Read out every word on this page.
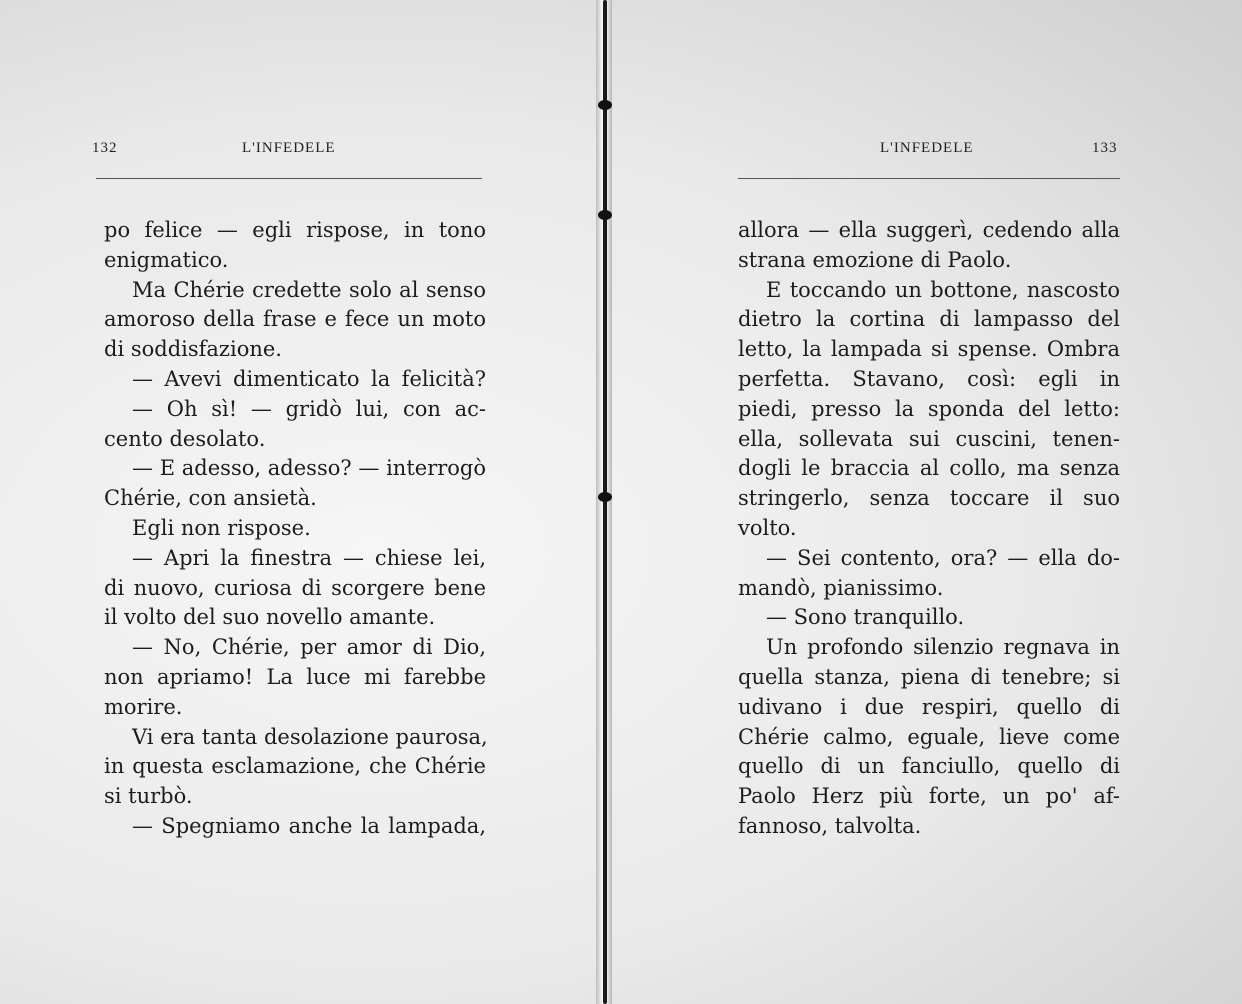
132	L'INFEDELE
po felice — egli rispose, in tono
enigmatico.
Ma Chérie credette solo al senso
amoroso della frase e fece un moto
di soddisfazione.
— Avevi dimenticato la felicità?
— Oh sì! — gridò lui, con ac-
cento desolato.
— E adesso, adesso? — interrogò
Chérie, con ansietà.
Egli non rispose.
— Apri la finestra — chiese lei,
di nuovo, curiosa di scorgere bene
il volto del suo novello amante.
— No, Chérie, per amor di Dio,
non apriamo! La luce mi farebbe
morire.
Vi era tanta desolazione paurosa,
in questa esclamazione, che Chérie
si turbò.
— Spegniamo anche la lampada,
L'INFEDELE	133
allora — ella suggerì, cedendo alla
strana emozione di Paolo.
E toccando un bottone, nascosto
dietro la cortina di lampasso del
letto, la lampada si spense. Ombra
perfetta. Stavano, così: egli in
piedi, presso la sponda del letto:
ella, sollevata sui cuscini, tenen-
dogli le braccia al collo, ma senza
stringerlo, senza toccare il suo
volto.
— Sei contento, ora? — ella do-
mandò, pianissimo.
— Sono tranquillo.
Un profondo silenzio regnava in
quella stanza, piena di tenebre; si
udivano i due respiri, quello di
Chérie calmo, eguale, lieve come
quello di un fanciullo, quello di
Paolo Herz più forte, un po' af-
fannoso, talvolta.
